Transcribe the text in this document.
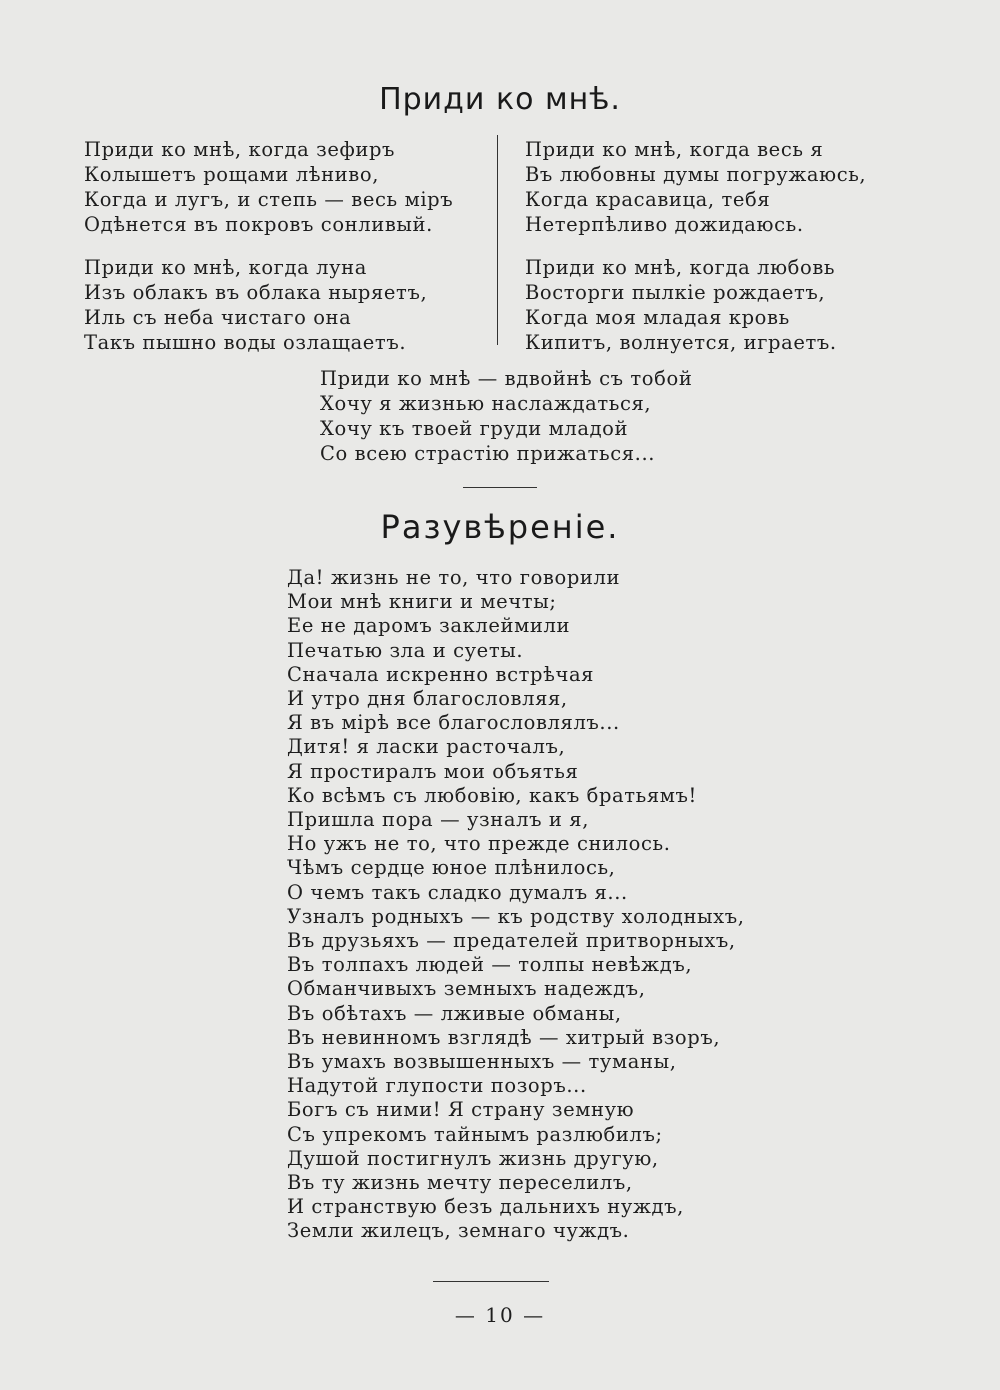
Приди ко мнѣ.
Приди ко мнѣ, когда зефиръ
Колышетъ рощами лѣниво,
Когда и лугъ, и степь — весь міръ
Одѣнется въ покровъ сонливый.
Приди ко мнѣ, когда луна
Изъ облакъ въ облака ныряетъ,
Иль съ неба чистаго она
Такъ пышно воды озлащаетъ.
Приди ко мнѣ, когда весь я
Въ любовны думы погружаюсь,
Когда красавица, тебя
Нетерпѣливо дожидаюсь.
Приди ко мнѣ, когда любовь
Восторги пылкіе рождаетъ,
Когда моя младая кровь
Кипитъ, волнуется, играетъ.
Приди ко мнѣ — вдвойнѣ съ тобой
Хочу я жизнью наслаждаться,
Хочу къ твоей груди младой
Со всею страстію прижаться...
Разувѣреніе.
Да! жизнь не то, что говорили
Мои мнѣ книги и мечты;
Ее не даромъ заклеймили
Печатью зла и суеты.
Сначала искренно встрѣчая
И утро дня благословляя,
Я въ мірѣ все благословлялъ...
Дитя! я ласки расточалъ,
Я простиралъ мои объятья
Ко всѣмъ съ любовію, какъ братьямъ!
Пришла пора — узналъ и я,
Но ужъ не то, что прежде снилось.
Чѣмъ сердце юное плѣнилось,
О чемъ такъ сладко думалъ я...
Узналъ родныхъ — къ родству холодныхъ,
Въ друзьяхъ — предателей притворныхъ,
Въ толпахъ людей — толпы невѣждъ,
Обманчивыхъ земныхъ надеждъ,
Въ обѣтахъ — лживые обманы,
Въ невинномъ взглядѣ — хитрый взоръ,
Въ умахъ возвышенныхъ — туманы,
Надутой глупости позоръ...
Богъ съ ними! Я страну земную
Съ упрекомъ тайнымъ разлюбилъ;
Душой постигнулъ жизнь другую,
Въ ту жизнь мечту переселилъ,
И странствую безъ дальнихъ нуждъ,
Земли жилецъ, земнаго чуждъ.
— 10 —
